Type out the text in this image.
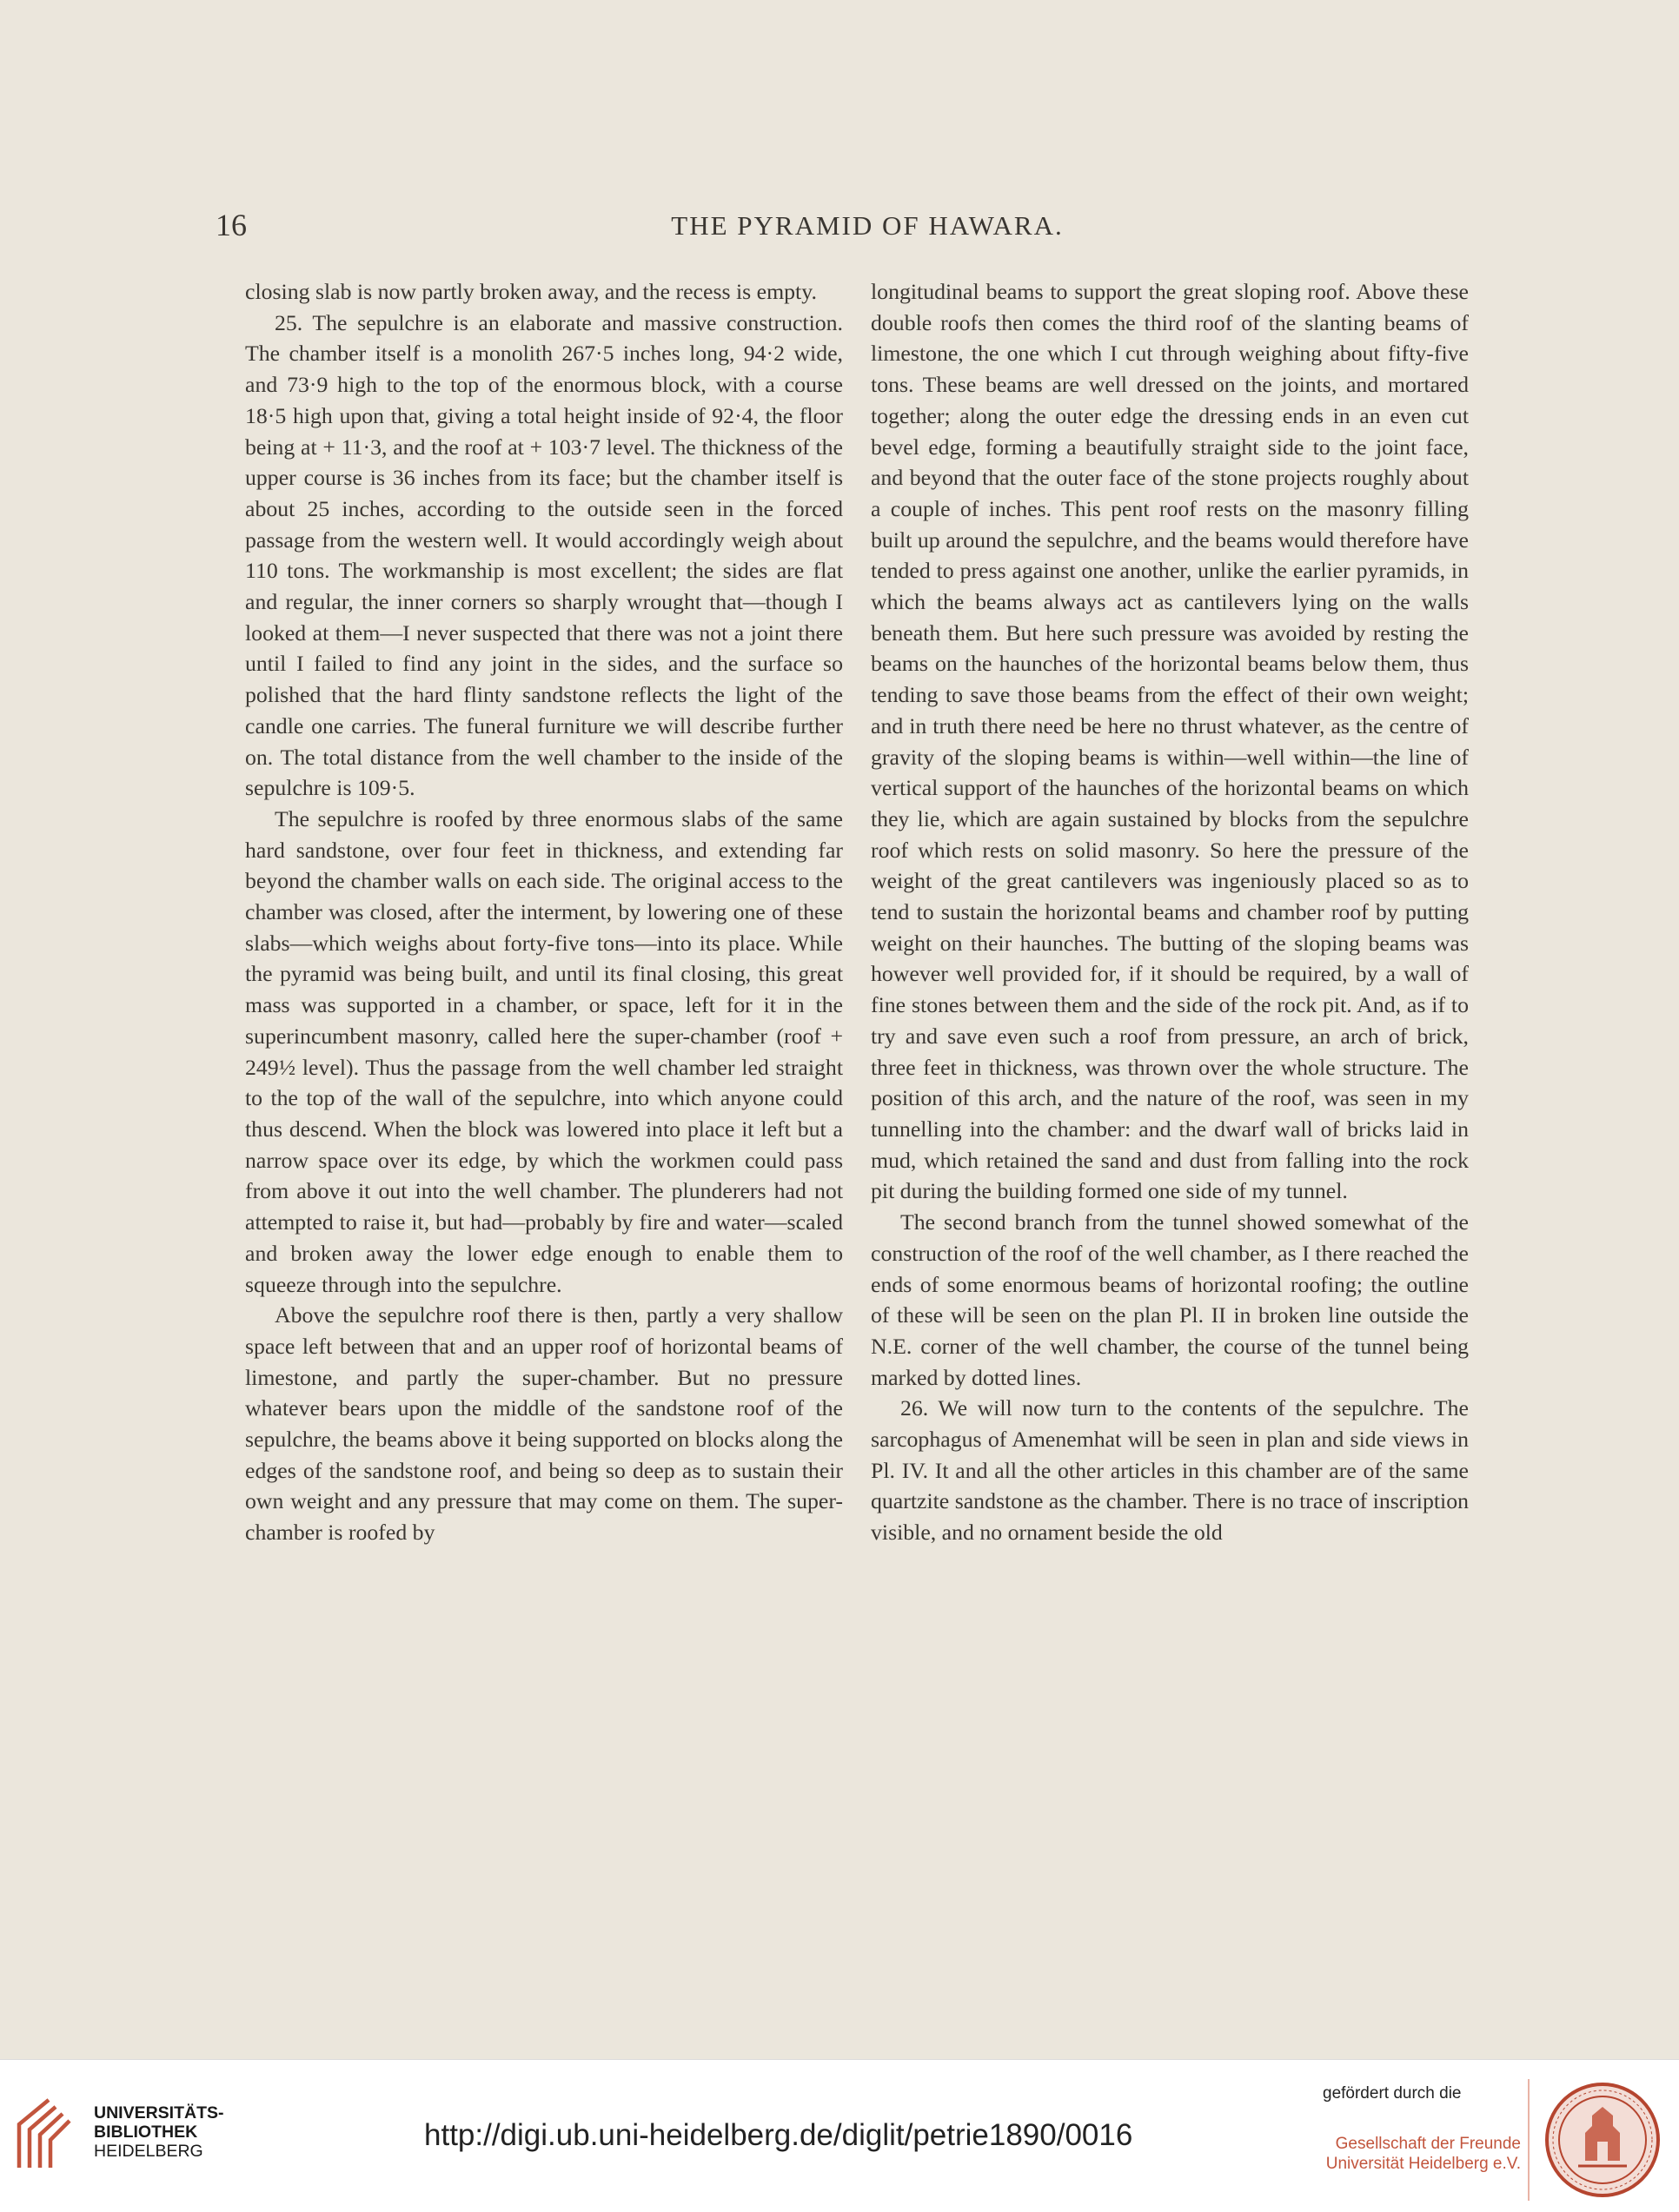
16	THE PYRAMID OF HAWARA.

closing slab is now partly broken away, and the recess is empty.

25. The sepulchre is an elaborate and massive construction. The chamber itself is a monolith 267·5 inches long, 94·2 wide, and 73·9 high to the top of the enormous block, with a course 18·5 high upon that, giving a total height inside of 92·4, the floor being at + 11·3, and the roof at + 103·7 level. The thickness of the upper course is 36 inches from its face; but the chamber itself is about 25 inches, according to the outside seen in the forced passage from the western well. It would accordingly weigh about 110 tons. The workmanship is most excellent; the sides are flat and regular, the inner corners so sharply wrought that—though I looked at them—I never suspected that there was not a joint there until I failed to find any joint in the sides, and the surface so polished that the hard flinty sandstone reflects the light of the candle one carries. The funeral furniture we will describe further on. The total distance from the well chamber to the inside of the sepulchre is 109·5.

The sepulchre is roofed by three enormous slabs of the same hard sandstone, over four feet in thickness, and extending far beyond the chamber walls on each side. The original access to the chamber was closed, after the interment, by lowering one of these slabs—which weighs about forty-five tons—into its place. While the pyramid was being built, and until its final closing, this great mass was supported in a chamber, or space, left for it in the superincumbent masonry, called here the super-chamber (roof + 249½ level). Thus the passage from the well chamber led straight to the top of the wall of the sepulchre, into which anyone could thus descend. When the block was lowered into place it left but a narrow space over its edge, by which the workmen could pass from above it out into the well chamber. The plunderers had not attempted to raise it, but had—probably by fire and water—scaled and broken away the lower edge enough to enable them to squeeze through into the sepulchre.

Above the sepulchre roof there is then, partly a very shallow space left between that and an upper roof of horizontal beams of limestone, and partly the super-chamber. But no pressure whatever bears upon the middle of the sandstone roof of the sepulchre, the beams above it being supported on blocks along the edges of the sandstone roof, and being so deep as to sustain their own weight and any pressure that may come on them. The super-chamber is roofed by

longitudinal beams to support the great sloping roof. Above these double roofs then comes the third roof of the slanting beams of limestone, the one which I cut through weighing about fifty-five tons. These beams are well dressed on the joints, and mortared together; along the outer edge the dressing ends in an even cut bevel edge, forming a beautifully straight side to the joint face, and beyond that the outer face of the stone projects roughly about a couple of inches. This pent roof rests on the masonry filling built up around the sepulchre, and the beams would therefore have tended to press against one another, unlike the earlier pyramids, in which the beams always act as cantilevers lying on the walls beneath them. But here such pressure was avoided by resting the beams on the haunches of the horizontal beams below them, thus tending to save those beams from the effect of their own weight; and in truth there need be here no thrust whatever, as the centre of gravity of the sloping beams is within—well within—the line of vertical support of the haunches of the horizontal beams on which they lie, which are again sustained by blocks from the sepulchre roof which rests on solid masonry. So here the pressure of the weight of the great cantilevers was ingeniously placed so as to tend to sustain the horizontal beams and chamber roof by putting weight on their haunches. The butting of the sloping beams was however well provided for, if it should be required, by a wall of fine stones between them and the side of the rock pit. And, as if to try and save even such a roof from pressure, an arch of brick, three feet in thickness, was thrown over the whole structure. The position of this arch, and the nature of the roof, was seen in my tunnelling into the chamber: and the dwarf wall of bricks laid in mud, which retained the sand and dust from falling into the rock pit during the building formed one side of my tunnel.

The second branch from the tunnel showed somewhat of the construction of the roof of the well chamber, as I there reached the ends of some enormous beams of horizontal roofing; the outline of these will be seen on the plan Pl. II in broken line outside the N.E. corner of the well chamber, the course of the tunnel being marked by dotted lines.

26. We will now turn to the contents of the sepulchre. The sarcophagus of Amenemhat will be seen in plan and side views in Pl. IV. It and all the other articles in this chamber are of the same quartzite sandstone as the chamber. There is no trace of inscription visible, and no ornament beside the old

UNIVERSITÄTS-
BIBLIOTHEK
HEIDELBERG	http://digi.ub.uni-heidelberg.de/diglit/petrie1890/0016
gefördert durch die
Gesellschaft der Freunde
Universität Heidelberg e.V.
